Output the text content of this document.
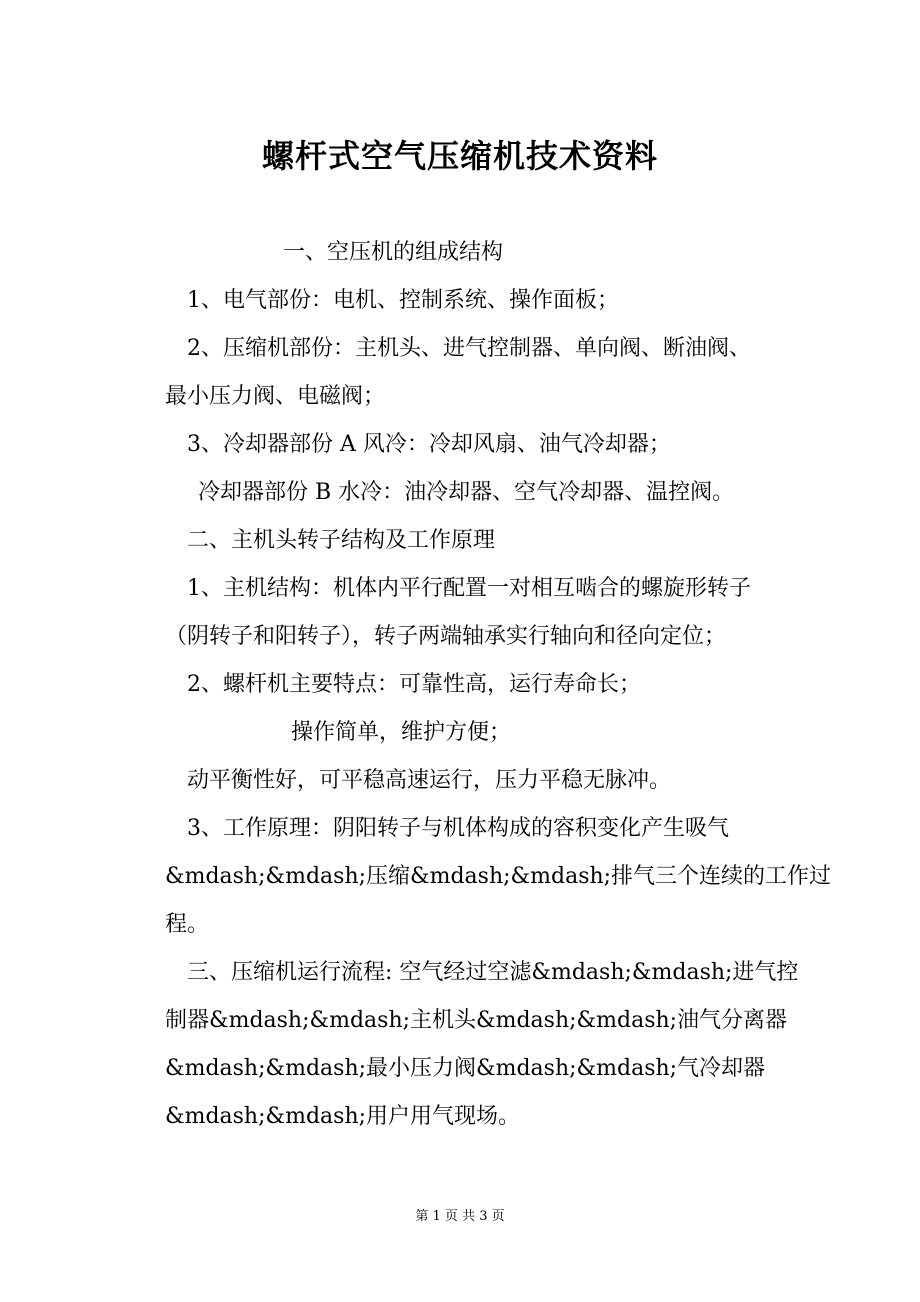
螺杆式空气压缩机技术资料
一、空压机的组成结构
1、电气部份：电机、控制系统、操作面板；
2、压缩机部份：主机头、进气控制器、单向阀、断油阀、
最小压力阀、电磁阀；
3、冷却器部份 A 风冷：冷却风扇、油气冷却器；
冷却器部份 B 水冷：油冷却器、空气冷却器、温控阀。
二、主机头转子结构及工作原理
1、主机结构：机体内平行配置一对相互啮合的螺旋形转子
（阴转子和阳转子），转子两端轴承实行轴向和径向定位；
2、螺杆机主要特点：可靠性高，运行寿命长；
操作简单，维护方便；
动平衡性好，可平稳高速运行，压力平稳无脉冲。
3、工作原理：阴阳转子与机体构成的容积变化产生吸气
&mdash;&mdash;压缩&mdash;&mdash;排气三个连续的工作过
程。
三、压缩机运行流程: 空气经过空滤&mdash;&mdash;进气控
制器&mdash;&mdash;主机头&mdash;&mdash;油气分离器
&mdash;&mdash;最小压力阀&mdash;&mdash;气冷却器
&mdash;&mdash;用户用气现场。
第 1 页 共 3 页
